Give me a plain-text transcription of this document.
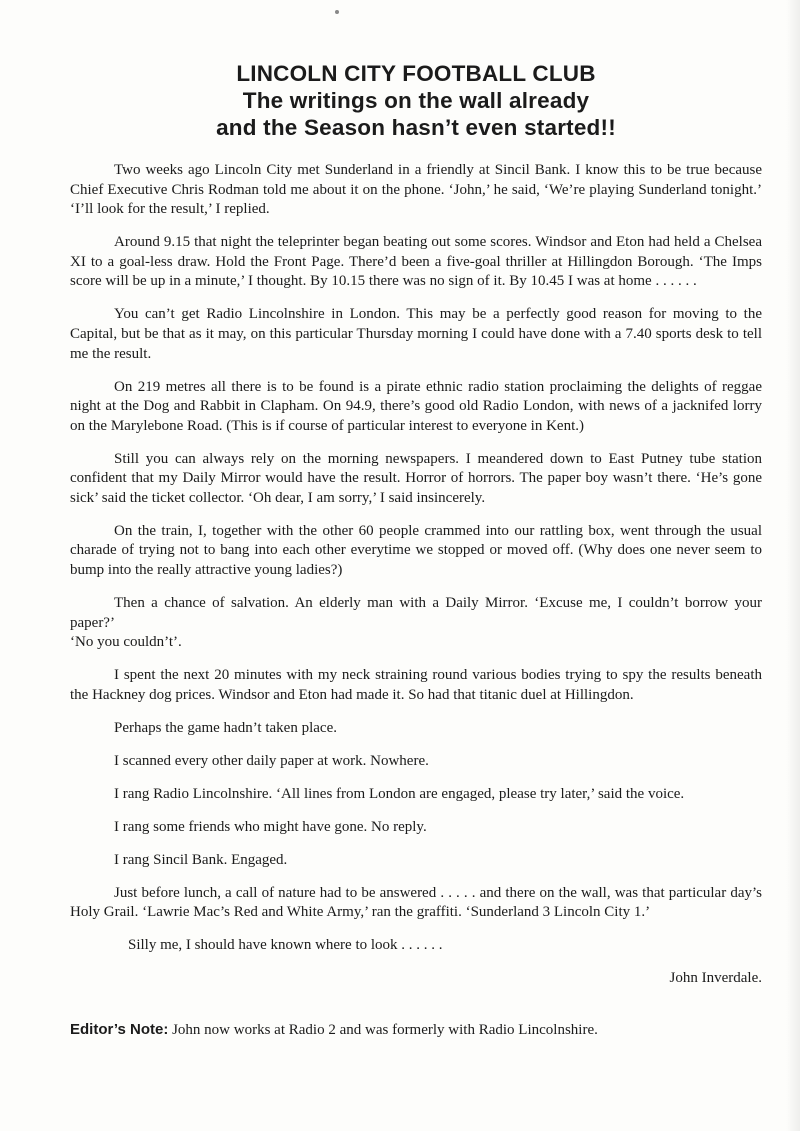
LINCOLN CITY FOOTBALL CLUB
The writings on the wall already
and the Season hasn’t even started!!

Two weeks ago Lincoln City met Sunderland in a friendly at Sincil Bank. I know this to be true because Chief Executive Chris Rodman told me about it on the phone. ‘John,’ he said, ‘We’re playing Sunderland tonight.’ ‘I’ll look for the result,’ I replied.

Around 9.15 that night the teleprinter began beating out some scores. Windsor and Eton had held a Chelsea XI to a goal-less draw. Hold the Front Page. There’d been a five-goal thriller at Hillingdon Borough. ‘The Imps score will be up in a minute,’ I thought. By 10.15 there was no sign of it. By 10.45 I was at home . . . . . .

You can’t get Radio Lincolnshire in London. This may be a perfectly good reason for moving to the Capital, but be that as it may, on this particular Thursday morning I could have done with a 7.40 sports desk to tell me the result.

On 219 metres all there is to be found is a pirate ethnic radio station proclaiming the delights of reggae night at the Dog and Rabbit in Clapham. On 94.9, there’s good old Radio London, with news of a jacknifed lorry on the Marylebone Road. (This is if course of particular interest to everyone in Kent.)

Still you can always rely on the morning newspapers. I meandered down to East Putney tube station confident that my Daily Mirror would have the result. Horror of horrors. The paper boy wasn’t there. ‘He’s gone sick’ said the ticket collector. ‘Oh dear, I am sorry,’ I said insincerely.

On the train, I, together with the other 60 people crammed into our rattling box, went through the usual charade of trying not to bang into each other everytime we stopped or moved off. (Why does one never seem to bump into the really attractive young ladies?)

Then a chance of salvation. An elderly man with a Daily Mirror. ‘Excuse me, I couldn’t borrow your paper?’
‘No you couldn’t’.

I spent the next 20 minutes with my neck straining round various bodies trying to spy the results beneath the Hackney dog prices. Windsor and Eton had made it. So had that titanic duel at Hillingdon.

Perhaps the game hadn’t taken place.

I scanned every other daily paper at work. Nowhere.

I rang Radio Lincolnshire. ‘All lines from London are engaged, please try later,’ said the voice.

I rang some friends who might have gone. No reply.

I rang Sincil Bank. Engaged.

Just before lunch, a call of nature had to be answered . . . . . and there on the wall, was that particular day’s Holy Grail. ‘Lawrie Mac’s Red and White Army,’ ran the graffiti. ‘Sunderland 3 Lincoln City 1.’

Silly me, I should have known where to look . . . . . .

John Inverdale.

Editor’s Note: John now works at Radio 2 and was formerly with Radio Lincolnshire.
